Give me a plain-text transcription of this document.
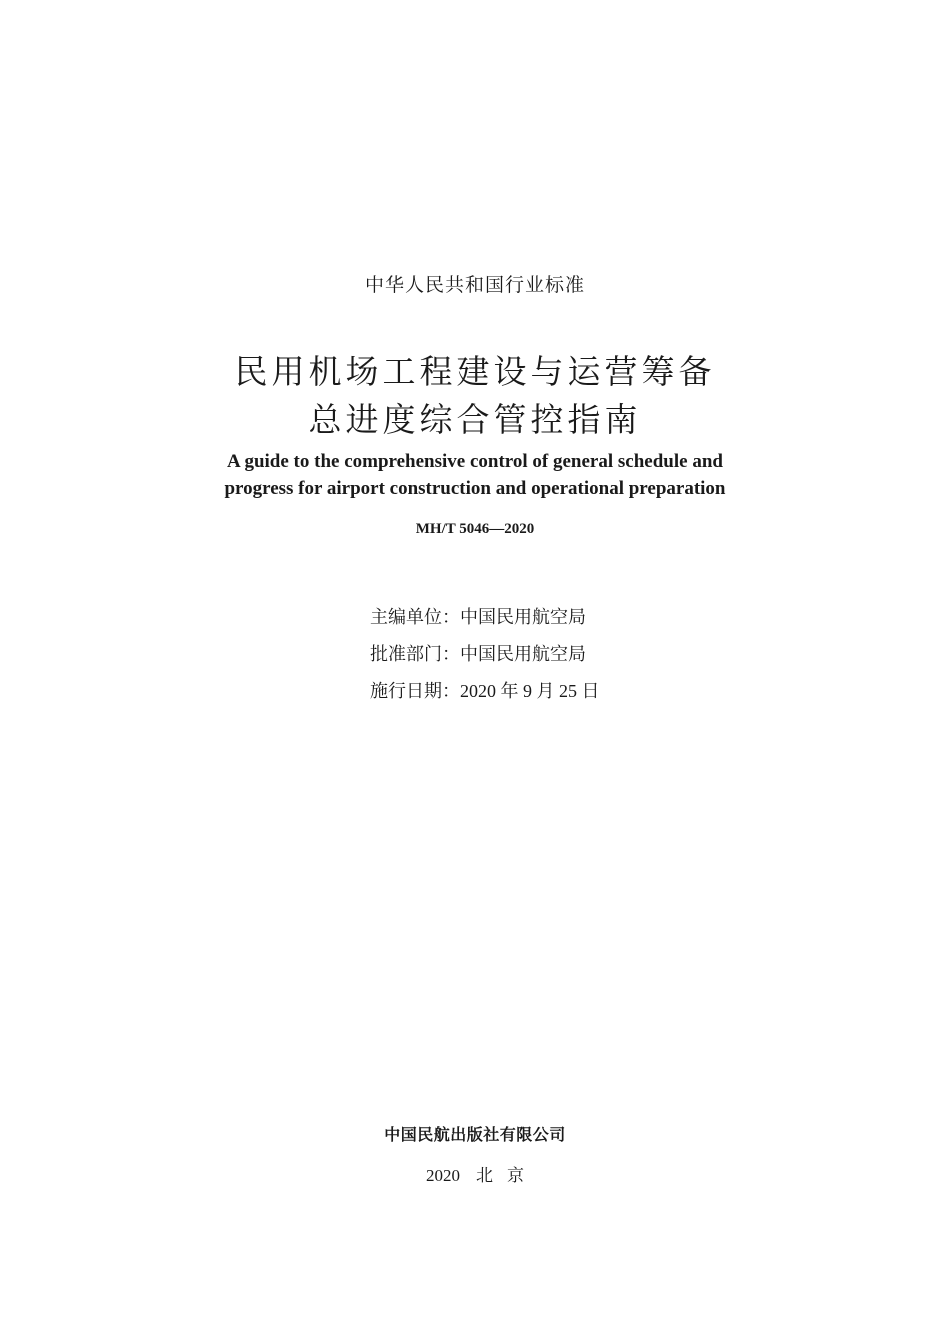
中华人民共和国行业标准
民用机场工程建设与运营筹备
总进度综合管控指南
A guide to the comprehensive control of general schedule and
progress for airport construction and operational preparation
MH/T 5046—2020
主编单位：中国民用航空局
批准部门：中国民用航空局
施行日期：2020 年 9 月 25 日
中国民航出版社有限公司
2020 北 京
